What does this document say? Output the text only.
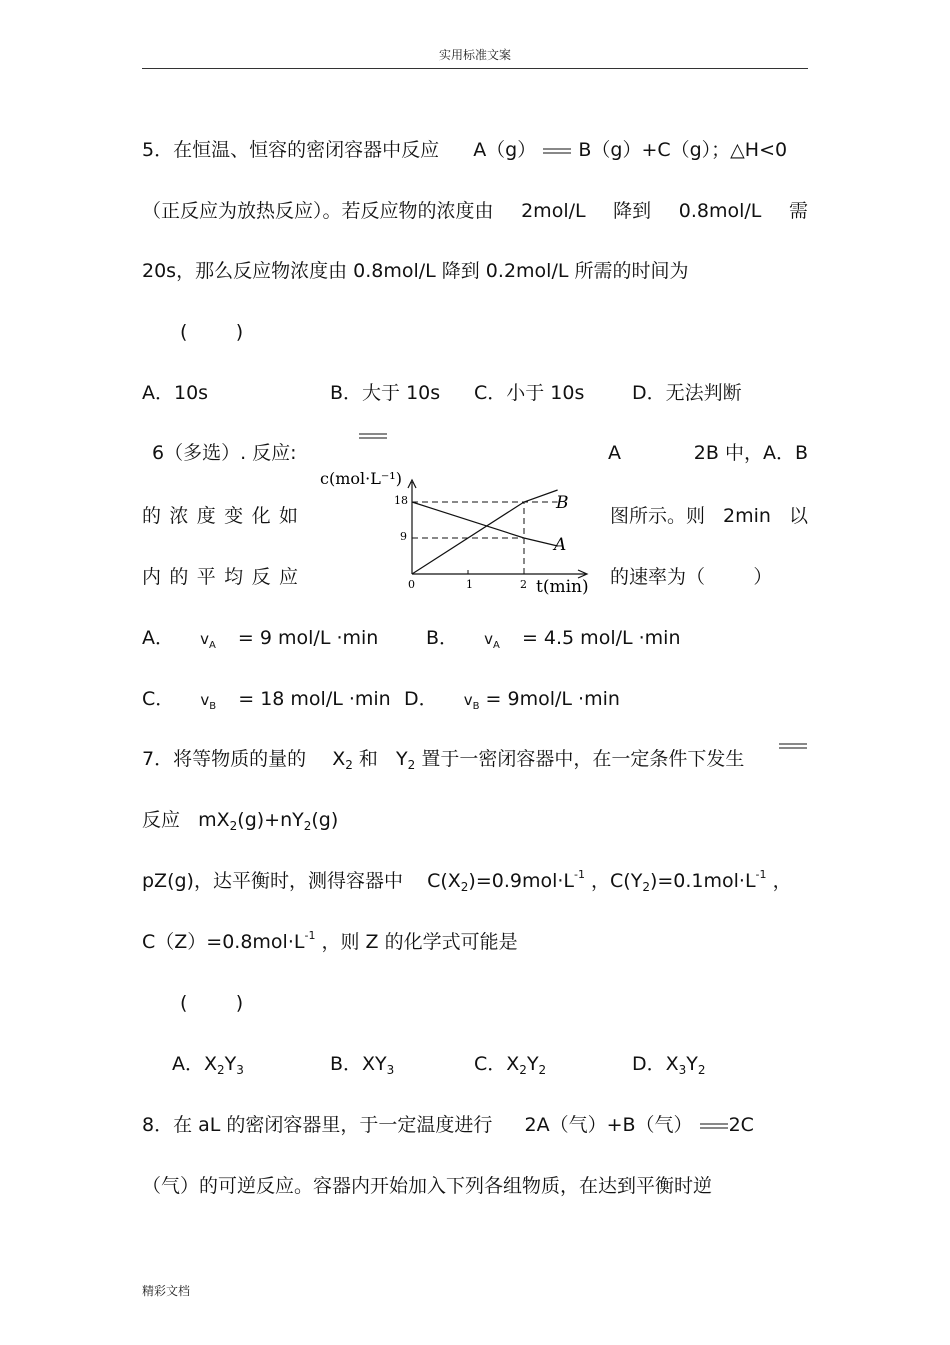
实用标准文案
5．在恒温、恒容的密闭容器中反应 A（g） B（g）+C（g）；△H<0
（正反应为放热反应）。若反应物的浓度由 2mol/L 降到 0.8mol/L 需
20s，那么反应物浓度由 0.8mol/L 降到 0.2mol/L 所需的时间为
(        )
A．10s	B．大于 10s C．小于 10s	D．无法判断
6（多选）. 反应:	A	2B 中，A．B
的 浓 度 变 化 如	图所示。则 2min 以
内 的 平 均 反 应	的速率为（        ）
c(mol·L⁻¹)
t(min)
0	1	2
9
18	B
A
A． $v_A = 9$ mol/L ·min	B． $v_A = 4.5$ mol/L ·min
C． $v_B = 18$ mol/L ·min D． $v_B = 9mol/L \cdot\min$
7．将等物质的量的 $X_2$ 和 $Y_2$ 置于一密闭容器中，在一定条件下发生
反应 $mX_2(g)+nY_2(g)$
pZ(g)，达平衡时，测得容器中 $C(X_2)=0.9mol\cdot L^{-1}$ ，$C(Y_2)=0.1mol\cdot L^{-1}$ ，
$C(Z)=0.8mol\cdot L^{-1}$ ，则 Z 的化学式可能是
(        )
A．$X_2Y_3$	B．$XY_3$	C．$X_2Y_2$	D．$X_3Y_2$
8．在 aL 的密闭容器里，于一定温度进行 2A（气）+B（气） 2C
（气）的可逆反应。容器内开始加入下列各组物质，在达到平衡时逆
精彩文档
